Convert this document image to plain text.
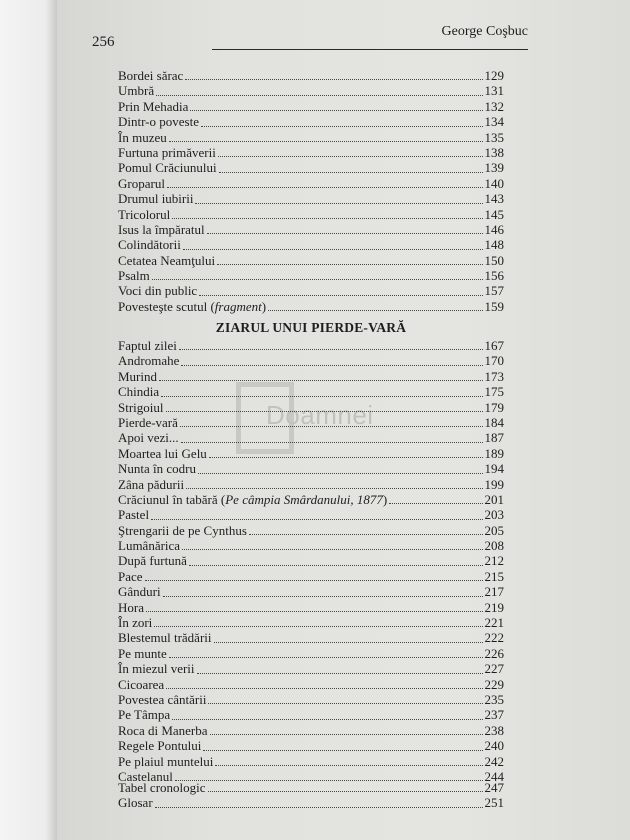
256
George Coşbuc
Doamnei
Bordei sărac	129
Umbră	131
Prin Mehadia	132
Dintr-o poveste	134
În muzeu	135
Furtuna primăverii	138
Pomul Crăciunului	139
Groparul	140
Drumul iubirii	143
Tricolorul	145
Isus la împăratul	146
Colindătorii	148
Cetatea Neamţului	150
Psalm	156
Voci din public	157
Povesteşte scutul (fragment)	159
ZIARUL UNUI PIERDE-VARĂ
Faptul zilei	167
Andromahe	170
Murind	173
Chindia	175
Strigoiul	179
Pierde-vară	184
Apoi vezi...	187
Moartea lui Gelu	189
Nunta în codru	194
Zâna pădurii	199
Crăciunul în tabără (Pe câmpia Smârdanului, 1877)	201
Pastel	203
Ştrengarii de pe Cynthus	205
Lumânărica	208
După furtună	212
Pace	215
Gânduri	217
Hora	219
În zori	221
Blestemul trădării	222
Pe munte	226
În miezul verii	227
Cicoarea	229
Povestea cântării	235
Pe Tâmpa	237
Roca di Manerba	238
Regele Pontului	240
Pe plaiul muntelui	242
Castelanul	244
Tabel cronologic	247
Glosar	251
